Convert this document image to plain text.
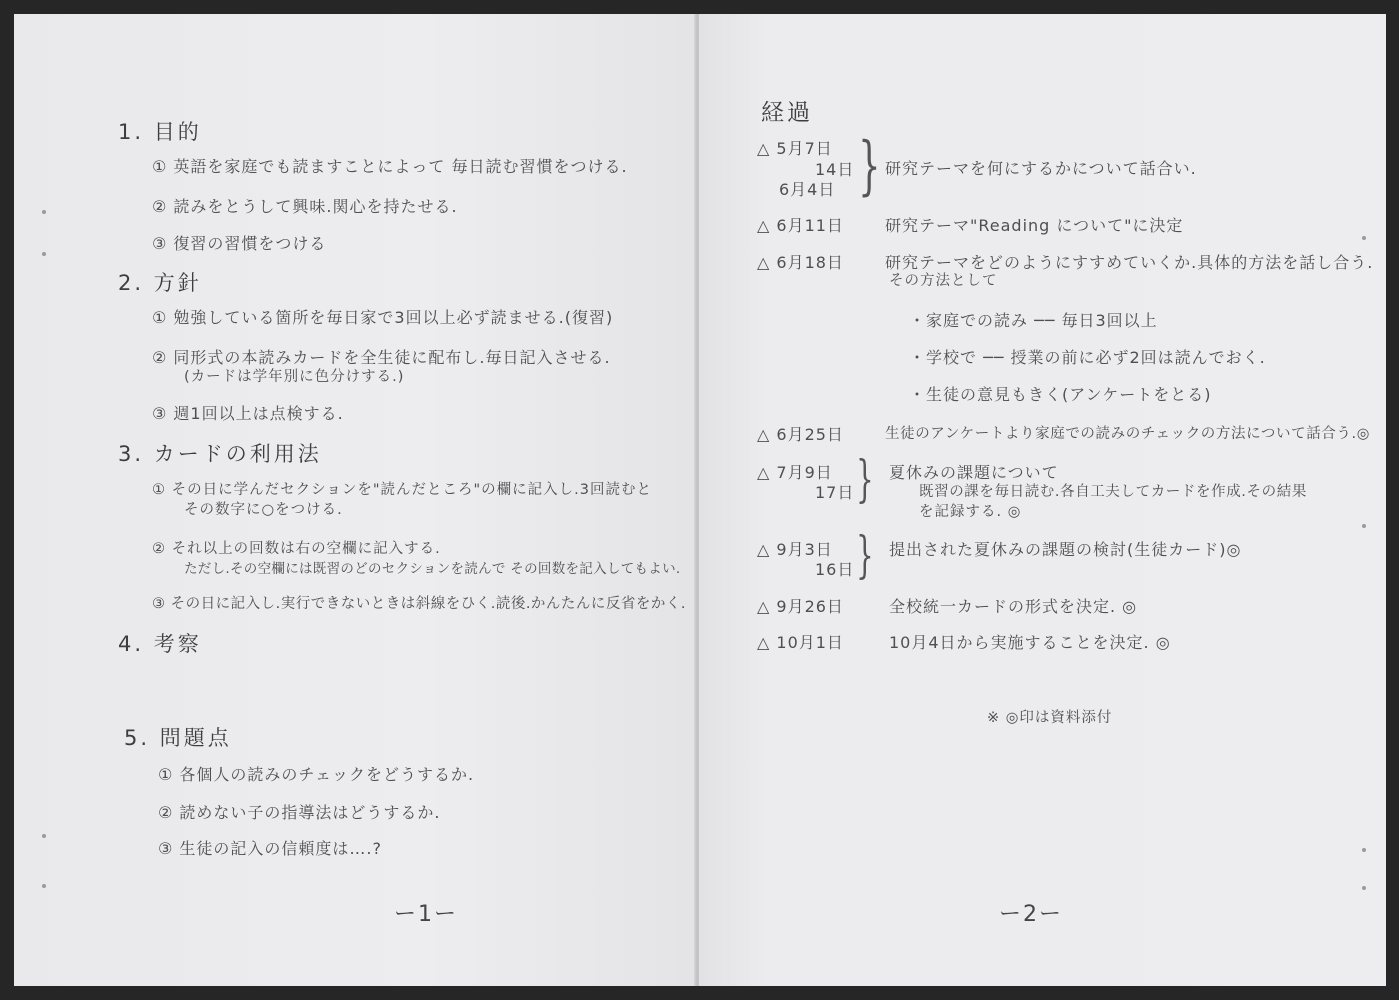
1. 目的
① 英語を家庭でも読ますことによって 毎日読む習慣をつける.
② 読みをとうして興味.関心を持たせる.
③ 復習の習慣をつける
2. 方針
① 勉強している箇所を毎日家で3回以上必ず読ませる.(復習)
② 同形式の本読みカードを全生徒に配布し.毎日記入させる.
(カードは学年別に色分けする.)
③ 週1回以上は点検する.
3. カードの利用法
① その日に学んだセクションを"読んだところ"の欄に記入し.3回読むと
その数字に○をつける.
② それ以上の回数は右の空欄に記入する.
ただし.その空欄には既習のどのセクションを読んで その回数を記入してもよい.
③ その日に記入し.実行できないときは斜線をひく.読後.かんたんに反省をかく.
4. 考察
5. 問題点
① 各個人の読みのチェックをどうするか.
② 読めない子の指導法はどうするか.
③ 生徒の記入の信頼度は….?
ー1ー
経過
△ 5月7日
14日
6月4日 } 研究テーマを何にするかについて話合い.
△ 6月11日	研究テーマ"Reading について"に決定
△ 6月18日	研究テーマをどのようにすすめていくか.具体的方法を話し合う.
その方法として
・家庭での読み ── 毎日3回以上
・学校で ── 授業の前に必ず2回は読んでおく.
・生徒の意見もきく(アンケートをとる)
△ 6月25日	生徒のアンケートより家庭での読みのチェックの方法について話合う.◎
△ 7月9日
17日 } 夏休みの課題について
既習の課を毎日読む.各自工夫してカードを作成.その結果
を記録する. ◎
△ 9月3日
16日 } 提出された夏休みの課題の検討(生徒カード)◎
△ 9月26日	全校統一カードの形式を決定. ◎
△ 10月1日	10月4日から実施することを決定. ◎
※ ◎印は資料添付
ー2ー
